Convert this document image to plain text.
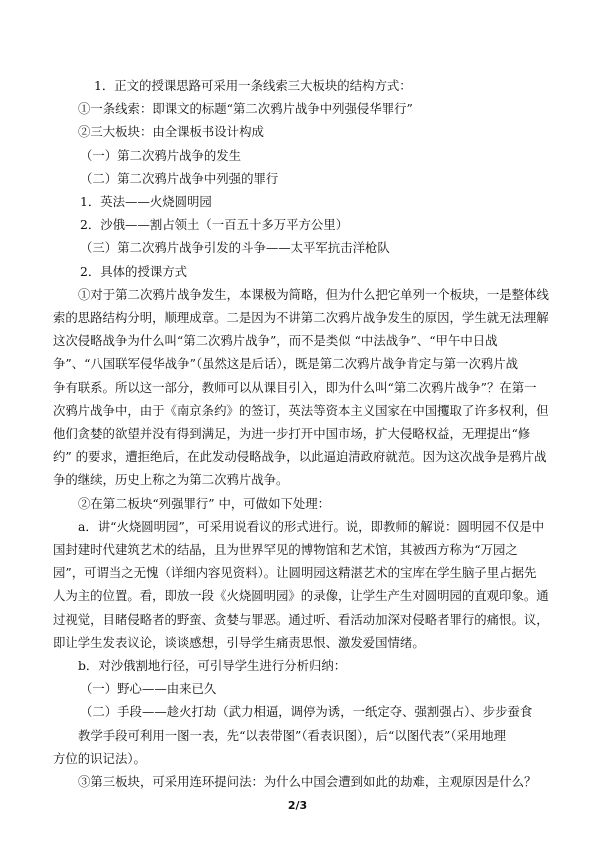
1．正文的授课思路可采用一条线索三大板块的结构方式：
①一条线索：即课文的标题“第二次鸦片战争中列强侵华罪行”
②三大板块：由全课板书设计构成
（一）第二次鸦片战争的发生
（二）第二次鸦片战争中列强的罪行
1．英法——火烧圆明园
2．沙俄——割占领土（一百五十多万平方公里）
（三）第二次鸦片战争引发的斗争——太平军抗击洋枪队
2．具体的授课方式
①对于第二次鸦片战争发生，本课极为简略，但为什么把它单列一个板块，一是整体线
索的思路结构分明，顺理成章。二是因为不讲第二次鸦片战争发生的原因，学生就无法理解
这次侵略战争为什么叫“第二次鸦片战争”，而不是类似 “中法战争”、“甲午中日战
争”、“八国联军侵华战争”（虽然这是后话），既是第二次鸦片战争肯定与第一次鸦片战
争有联系。所以这一部分，教师可以从课目引入，即为什么叫“第二次鸦片战争”？在第一
次鸦片战争中，由于《南京条约》的签订，英法等资本主义国家在中国攫取了许多权利，但
他们贪婪的欲望并没有得到满足，为进一步打开中国市场，扩大侵略权益，无理提出“修
约” 的要求，遭拒绝后，在此发动侵略战争，以此逼迫清政府就范。因为这次战争是鸦片战
争的继续，历史上称之为第二次鸦片战争。
②在第二板块“列强罪行” 中，可做如下处理：
a．讲“火烧圆明园”，可采用说看议的形式进行。说，即教师的解说：圆明园不仅是中
国封建时代建筑艺术的结晶，且为世界罕见的博物馆和艺术馆，其被西方称为“万园之
园”，可谓当之无愧（详细内容见资料）。让圆明园这精湛艺术的宝库在学生脑子里占据先
人为主的位置。看，即放一段《火烧圆明园》的录像，让学生产生对圆明园的直观印象。通
过视觉，目睹侵略者的野蛮、贪婪与罪恶。通过听、看活动加深对侵略者罪行的痛恨。议，
即让学生发表议论，谈谈感想，引导学生痛责思恨、激发爱国情绪。
b．对沙俄割地行径，可引导学生进行分析归纳：
（一）野心——由来已久
（二）手段——趁火打劫（武力相逼，调停为诱，一纸定夺、强割强占）、步步蚕食
教学手段可利用一图一表，先“以表带图”（看表识图），后“以图代表”（采用地理
方位的识记法）。
③第三板块，可采用连环提问法：为什么中国会遭到如此的劫难，主观原因是什么？
2/3
